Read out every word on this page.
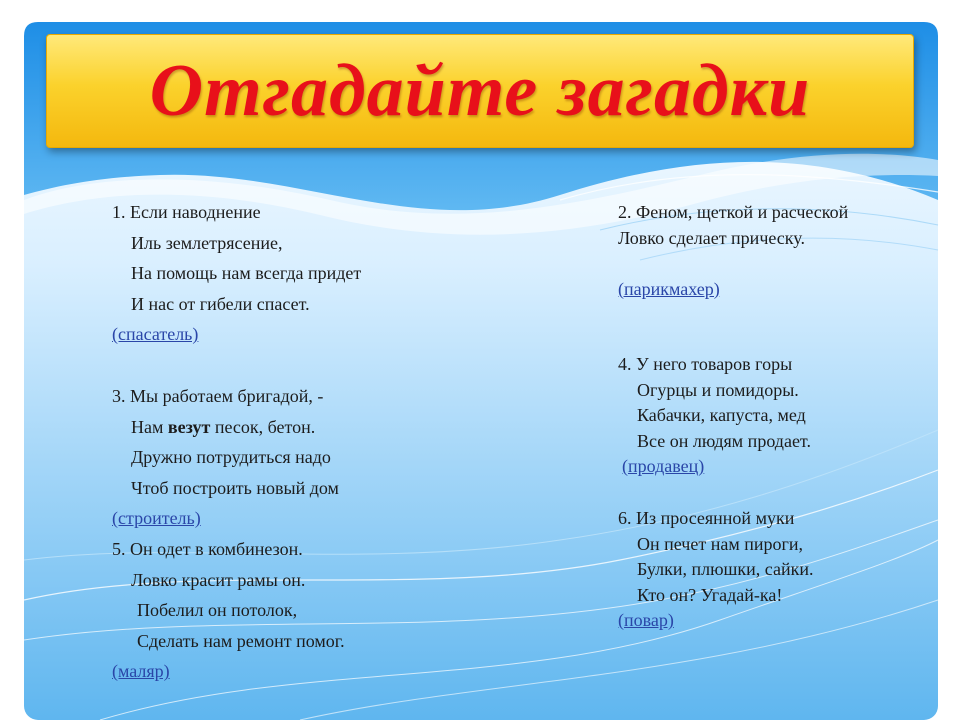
Отгадайте загадки
1. Если наводнение
Иль землетрясение,
На помощь нам всегда придет
И нас от гибели спасет.
(спасатель)
3. Мы работаем бригадой, -
Нам везут песок, бетон.
Дружно потрудиться надо
Чтоб построить новый дом
(строитель)
5. Он одет в комбинезон.
Ловко красит рамы он.
Побелил он потолок,
Сделать нам ремонт помог.
(маляр)
2. Феном, щеткой и расческой
Ловко сделает прическу.
(парикмахер)
4. У него товаров горы
Огурцы и помидоры.
Кабачки, капуста, мед
Все он людям продает.
(продавец)
6. Из просеянной муки
Он печет нам пироги,
Булки, плюшки, сайки.
Кто он? Угадай-ка!
(повар)
